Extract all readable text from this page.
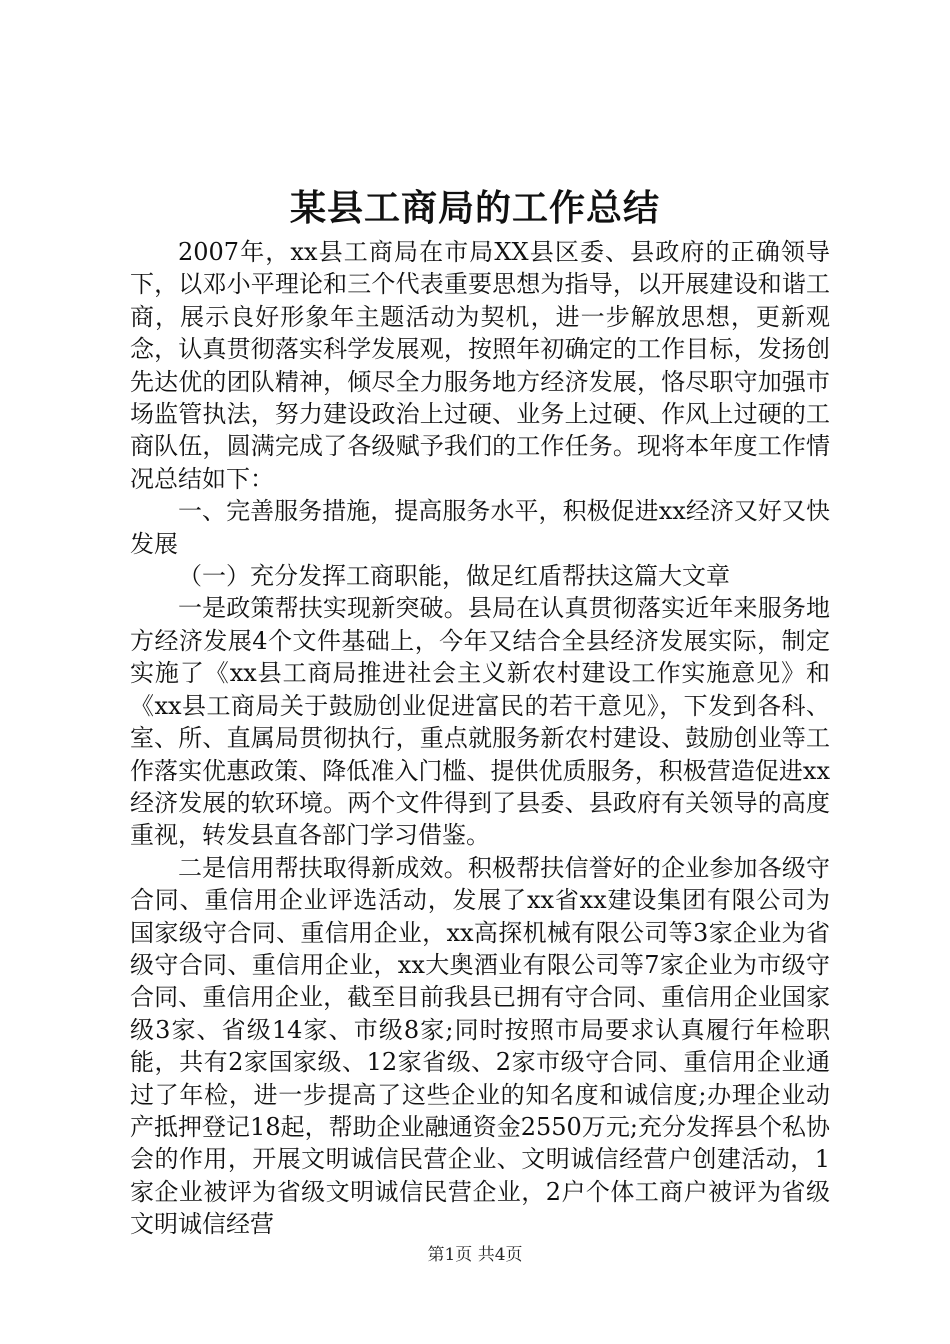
某县工商局的工作总结

2007年，xx县工商局在市局XX县区委、县政府的正确领导下，以邓小平理论和三个代表重要思想为指导，以开展建设和谐工商，展示良好形象年主题活动为契机，进一步解放思想，更新观念，认真贯彻落实科学发展观，按照年初确定的工作目标，发扬创先达优的团队精神，倾尽全力服务地方经济发展，恪尽职守加强市场监管执法，努力建设政治上过硬、业务上过硬、作风上过硬的工商队伍，圆满完成了各级赋予我们的工作任务。现将本年度工作情况总结如下：

一、完善服务措施，提高服务水平，积极促进xx经济又好又快发展

（一）充分发挥工商职能，做足红盾帮扶这篇大文章

一是政策帮扶实现新突破。县局在认真贯彻落实近年来服务地方经济发展4个文件基础上，今年又结合全县经济发展实际，制定实施了《xx县工商局推进社会主义新农村建设工作实施意见》和《xx县工商局关于鼓励创业促进富民的若干意见》，下发到各科、室、所、直属局贯彻执行，重点就服务新农村建设、鼓励创业等工作落实优惠政策、降低准入门槛、提供优质服务，积极营造促进xx经济发展的软环境。两个文件得到了县委、县政府有关领导的高度重视，转发县直各部门学习借鉴。

二是信用帮扶取得新成效。积极帮扶信誉好的企业参加各级守合同、重信用企业评选活动，发展了xx省xx建设集团有限公司为国家级守合同、重信用企业，xx高探机械有限公司等3家企业为省级守合同、重信用企业，xx大奥酒业有限公司等7家企业为市级守合同、重信用企业，截至目前我县已拥有守合同、重信用企业国家级3家、省级14家、市级8家;同时按照市局要求认真履行年检职能，共有2家国家级、12家省级、2家市级守合同、重信用企业通过了年检，进一步提高了这些企业的知名度和诚信度;办理企业动产抵押登记18起，帮助企业融通资金2550万元;充分发挥县个私协会的作用，开展文明诚信民营企业、文明诚信经营户创建活动，1家企业被评为省级文明诚信民营企业，2户个体工商户被评为省级文明诚信经营

第1页 共4页
